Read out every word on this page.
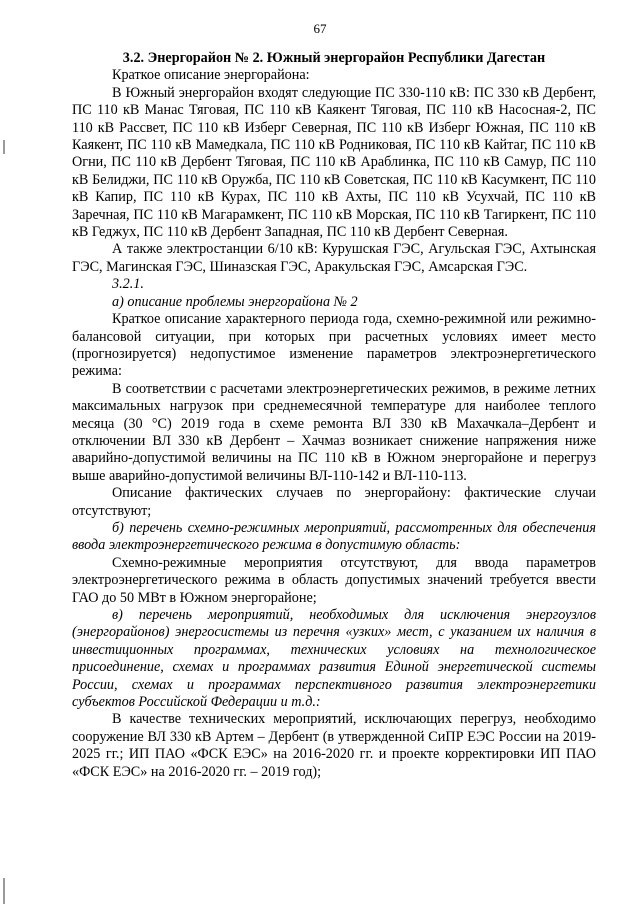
67

3.2. Энергорайон № 2. Южный энергорайон Республики Дагестан

Краткое описание энергорайона:

В Южный энергорайон входят следующие ПС 330-110 кВ: ПС 330 кВ Дербент, ПС 110 кВ Манас Тяговая, ПС 110 кВ Каякент Тяговая, ПС 110 кВ Насосная-2, ПС 110 кВ Рассвет, ПС 110 кВ Изберг Северная, ПС 110 кВ Изберг Южная, ПС 110 кВ Каякент, ПС 110 кВ Мамедкала, ПС 110 кВ Родниковая, ПС 110 кВ Кайтаг, ПС 110 кВ Огни, ПС 110 кВ Дербент Тяговая, ПС 110 кВ Араблинка, ПС 110 кВ Самур, ПС 110 кВ Белиджи, ПС 110 кВ Оружба, ПС 110 кВ Советская, ПС 110 кВ Касумкент, ПС 110 кВ Капир, ПС 110 кВ Курах, ПС 110 кВ Ахты, ПС 110 кВ Усухчай, ПС 110 кВ Заречная, ПС 110 кВ Магарамкент, ПС 110 кВ Морская, ПС 110 кВ Тагиркент, ПС 110 кВ Геджух, ПС 110 кВ Дербент Западная, ПС 110 кВ Дербент Северная.

А также электростанции 6/10 кВ: Курушская ГЭС, Агульская ГЭС, Ахтынская ГЭС, Магинская ГЭС, Шиназская ГЭС, Аракульская ГЭС, Амсарская ГЭС.

3.2.1.

а) описание проблемы энергорайона № 2

Краткое описание характерного периода года, схемно-режимной или режимно-балансовой ситуации, при которых при расчетных условиях имеет место (прогнозируется) недопустимое изменение параметров электроэнергетического режима:

В соответствии с расчетами электроэнергетических режимов, в режиме летних максимальных нагрузок при среднемесячной температуре для наиболее теплого месяца (30 °С) 2019 года в схеме ремонта ВЛ 330 кВ Махачкала–Дербент и отключении ВЛ 330 кВ Дербент – Хачмаз возникает снижение напряжения ниже аварийно-допустимой величины на ПС 110 кВ в Южном энергорайоне и перегруз выше аварийно-допустимой величины ВЛ-110-142 и ВЛ-110-113.

Описание фактических случаев по энергорайону: фактические случаи отсутствуют;

б) перечень схемно-режимных мероприятий, рассмотренных для обеспечения ввода электроэнергетического режима в допустимую область:

Схемно-режимные мероприятия отсутствуют, для ввода параметров электроэнергетического режима в область допустимых значений требуется ввести ГАО до 50 МВт в Южном энергорайоне;

в) перечень мероприятий, необходимых для исключения энергоузлов (энергорайонов) энергосистемы из перечня «узких» мест, с указанием их наличия в инвестиционных программах, технических условиях на технологическое присоединение, схемах и программах развития Единой энергетической системы России, схемах и программах перспективного развития электроэнергетики субъектов Российской Федерации и т.д.:

В качестве технических мероприятий, исключающих перегруз, необходимо сооружение ВЛ 330 кВ Артем – Дербент (в утвержденной СиПР ЕЭС России на 2019-2025 гг.; ИП ПАО «ФСК ЕЭС» на 2016-2020 гг. и проекте корректировки ИП ПАО «ФСК ЕЭС» на 2016-2020 гг. – 2019 год);
